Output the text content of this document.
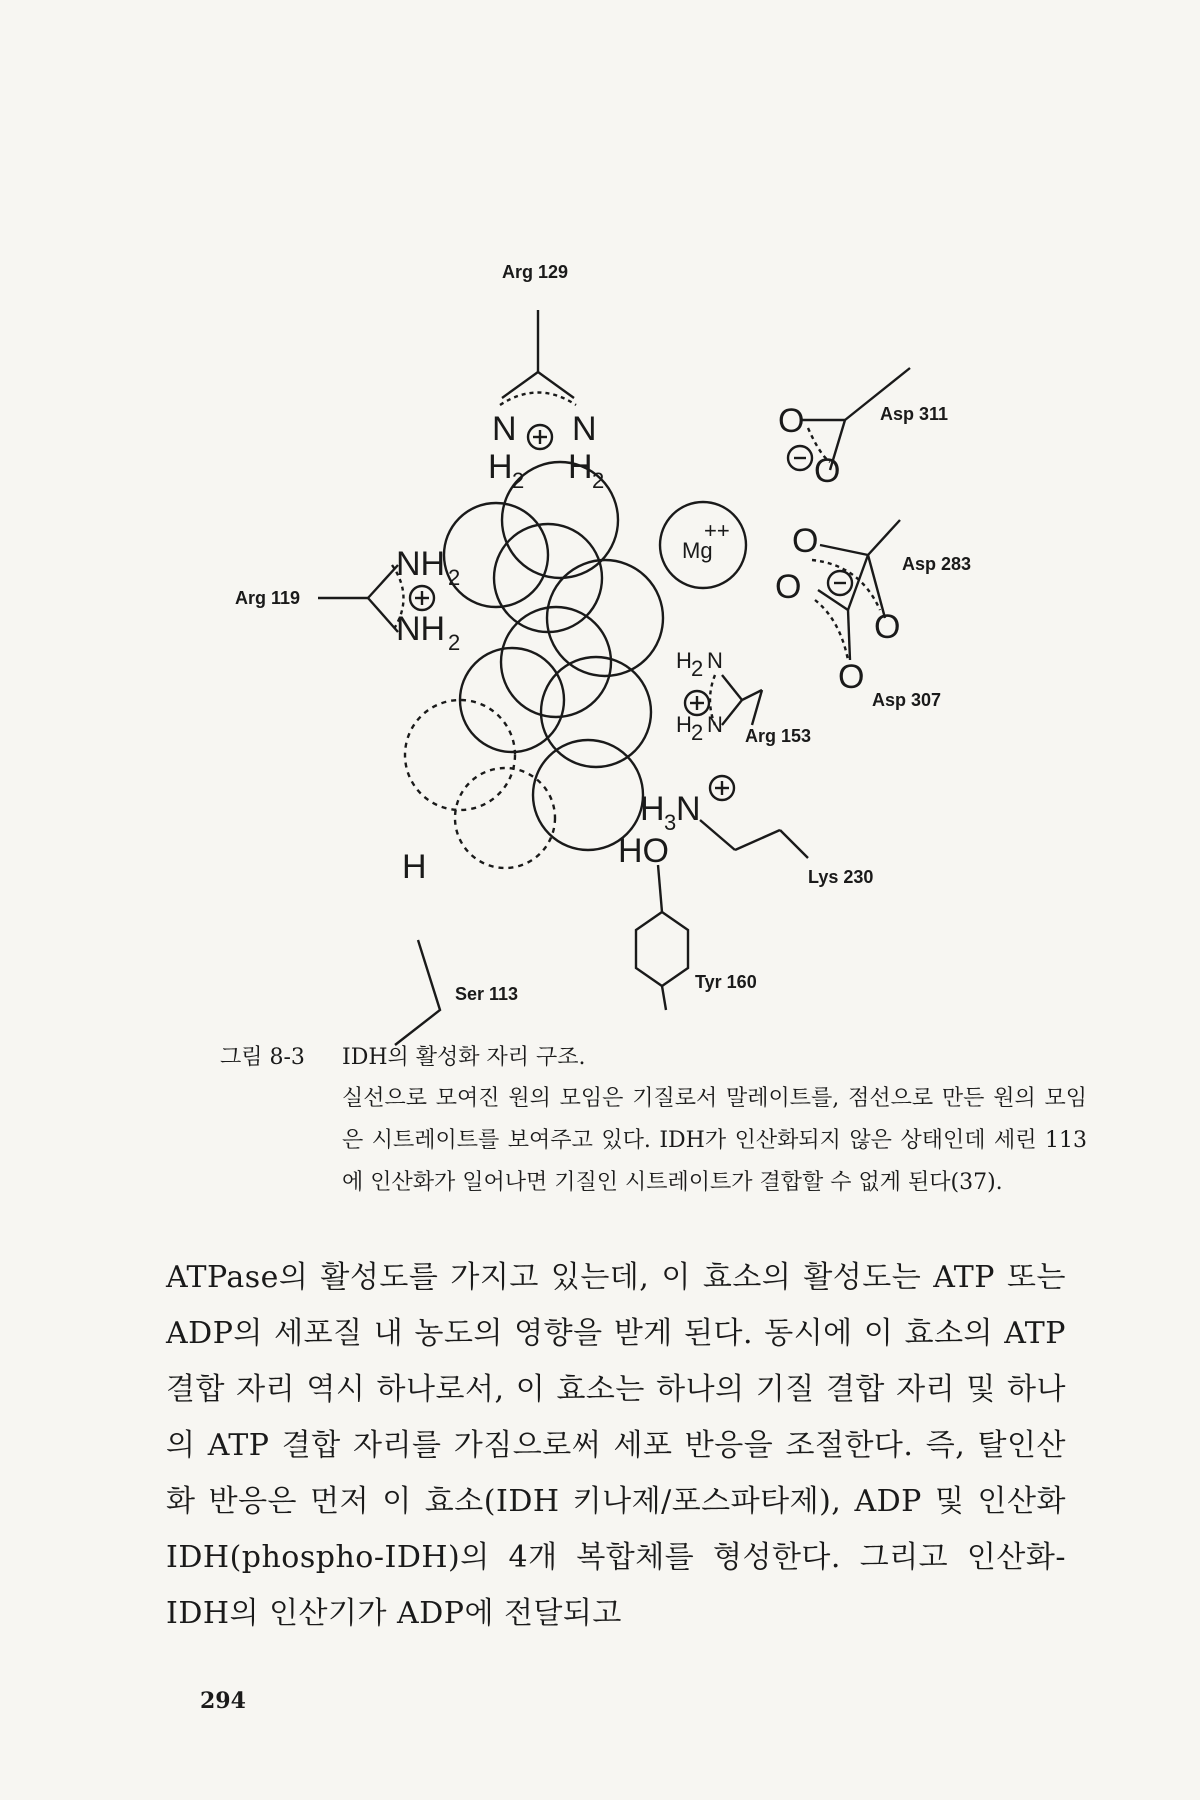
Arg 129
Asp 311
Arg 119
Asp 283
Asp 307
Arg 153
Lys 230
Ser 113
Tyr 160
N N
H 2 H 2
O
O
Mg
++ O
O
O
O
NH 2
NH 2
H 2 N
H 2 N
H 3 N
HO
H
그림 8-3 IDH의 활성화 자리 구조.
실선으로 모여진 원의 모임은 기질로서 말레이트를, 점선으로 만든 원의 모임은 시트레이트를 보여주고 있다. IDH가 인산화되지 않은 상태인데 세린 113에 인산화가 일어나면 기질인 시트레이트가 결합할 수 없게 된다(37).
ATPase의 활성도를 가지고 있는데, 이 효소의 활성도는 ATP 또는 ADP의 세포질 내 농도의 영향을 받게 된다. 동시에 이 효소의 ATP 결합 자리 역시 하나로서, 이 효소는 하나의 기질 결합 자리 및 하나의 ATP 결합 자리를 가짐으로써 세포 반응을 조절한다. 즉, 탈인산화 반응은 먼저 이 효소(IDH 키나제/포스파타제), ADP 및 인산화 IDH(phospho-IDH)의 4개 복합체를 형성한다. 그리고 인산화-IDH의 인산기가 ADP에 전달되고
294
